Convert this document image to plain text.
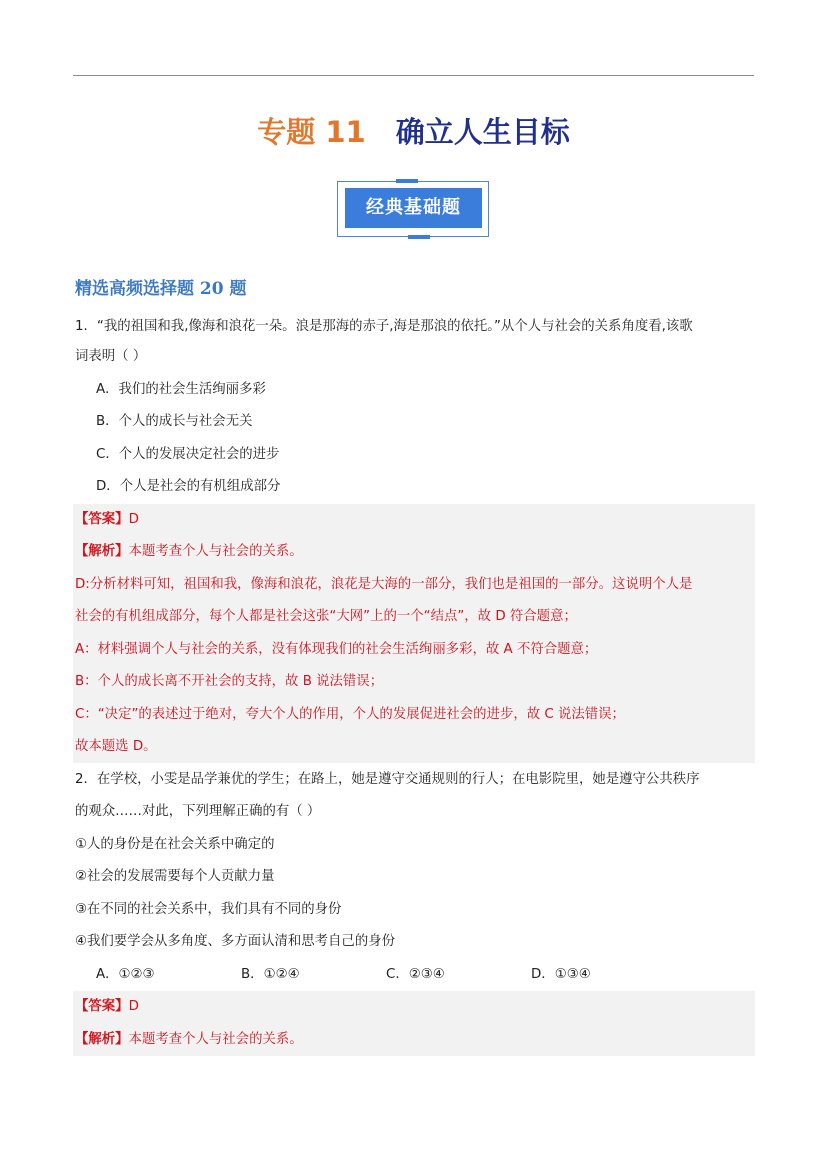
专题 11 确立人生目标
经典基础题
精选高频选择题 20 题
1．“我的祖国和我,像海和浪花一朵。浪是那海的赤子,海是那浪的依托。”从个人与社会的关系角度看,该歌
词表明（ ）
A．我们的社会生活绚丽多彩
B．个人的成长与社会无关
C．个人的发展决定社会的进步
D．个人是社会的有机组成部分
【答案】D
【解析】本题考查个人与社会的关系。
D:分析材料可知，祖国和我，像海和浪花，浪花是大海的一部分，我们也是祖国的一部分。这说明个人是
社会的有机组成部分，每个人都是社会这张“大网”上的一个“结点”，故 D 符合题意；
A：材料强调个人与社会的关系，没有体现我们的社会生活绚丽多彩，故 A 不符合题意；
B：个人的成长离不开社会的支持，故 B 说法错误；
C：“决定”的表述过于绝对，夸大个人的作用，个人的发展促进社会的进步，故 C 说法错误；
故本题选 D。
2．在学校，小雯是品学兼优的学生；在路上，她是遵守交通规则的行人；在电影院里，她是遵守公共秩序
的观众……对此，下列理解正确的有（ ）
①人的身份是在社会关系中确定的
②社会的发展需要每个人贡献力量
③在不同的社会关系中，我们具有不同的身份
④我们要学会从多角度、多方面认清和思考自己的身份
A．①②③	B．①②④	C．②③④	D．①③④
【答案】D
【解析】本题考查个人与社会的关系。
